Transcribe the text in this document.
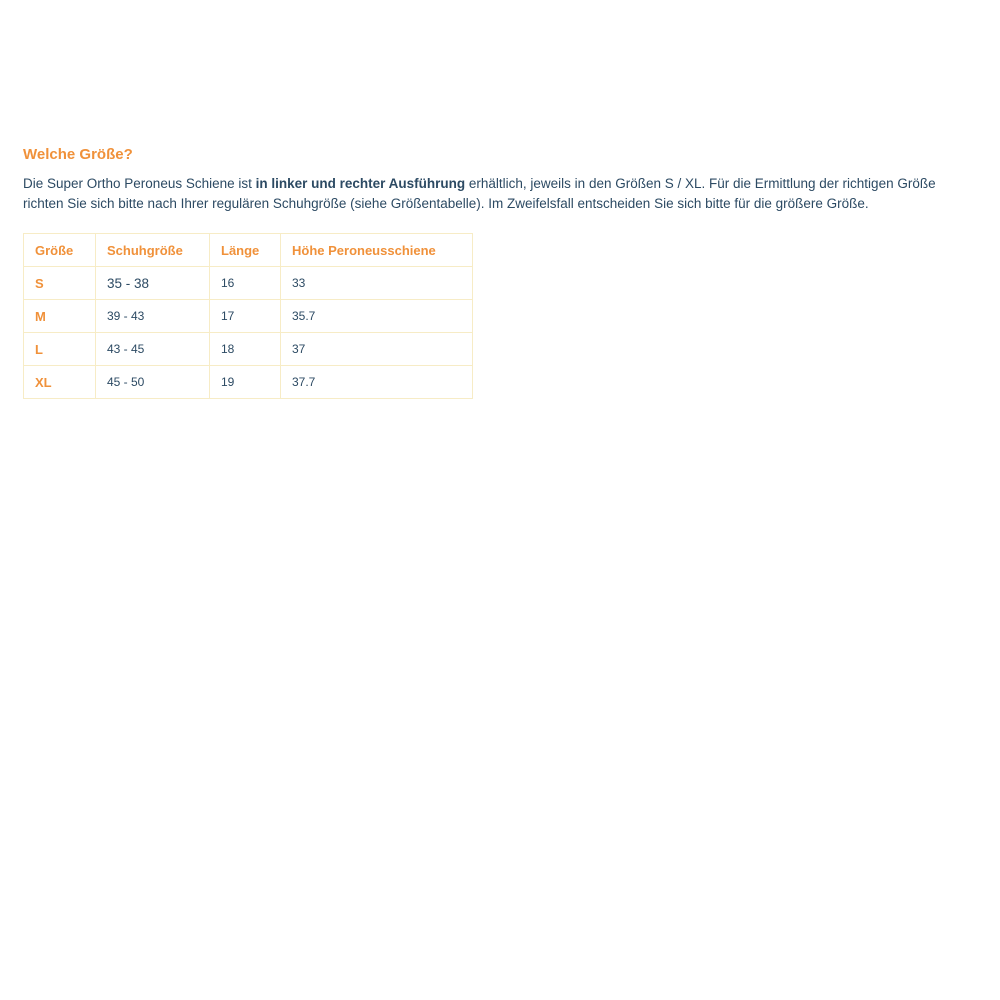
Welche Größe?

Die Super Ortho Peroneus Schiene ist in linker und rechter Ausführung erhältlich, jeweils in den Größen S / XL. Für die Ermittlung der richtigen Größe richten Sie sich bitte nach Ihrer regulären Schuhgröße (siehe Größentabelle). Im Zweifelsfall entscheiden Sie sich bitte für die größere Größe.

Größe	Schuhgröße	Länge	Höhe Peroneusschiene
S	35 - 38	16	33
M	39 - 43	17	35.7
L	43 - 45	18	37
XL	45 - 50	19	37.7
